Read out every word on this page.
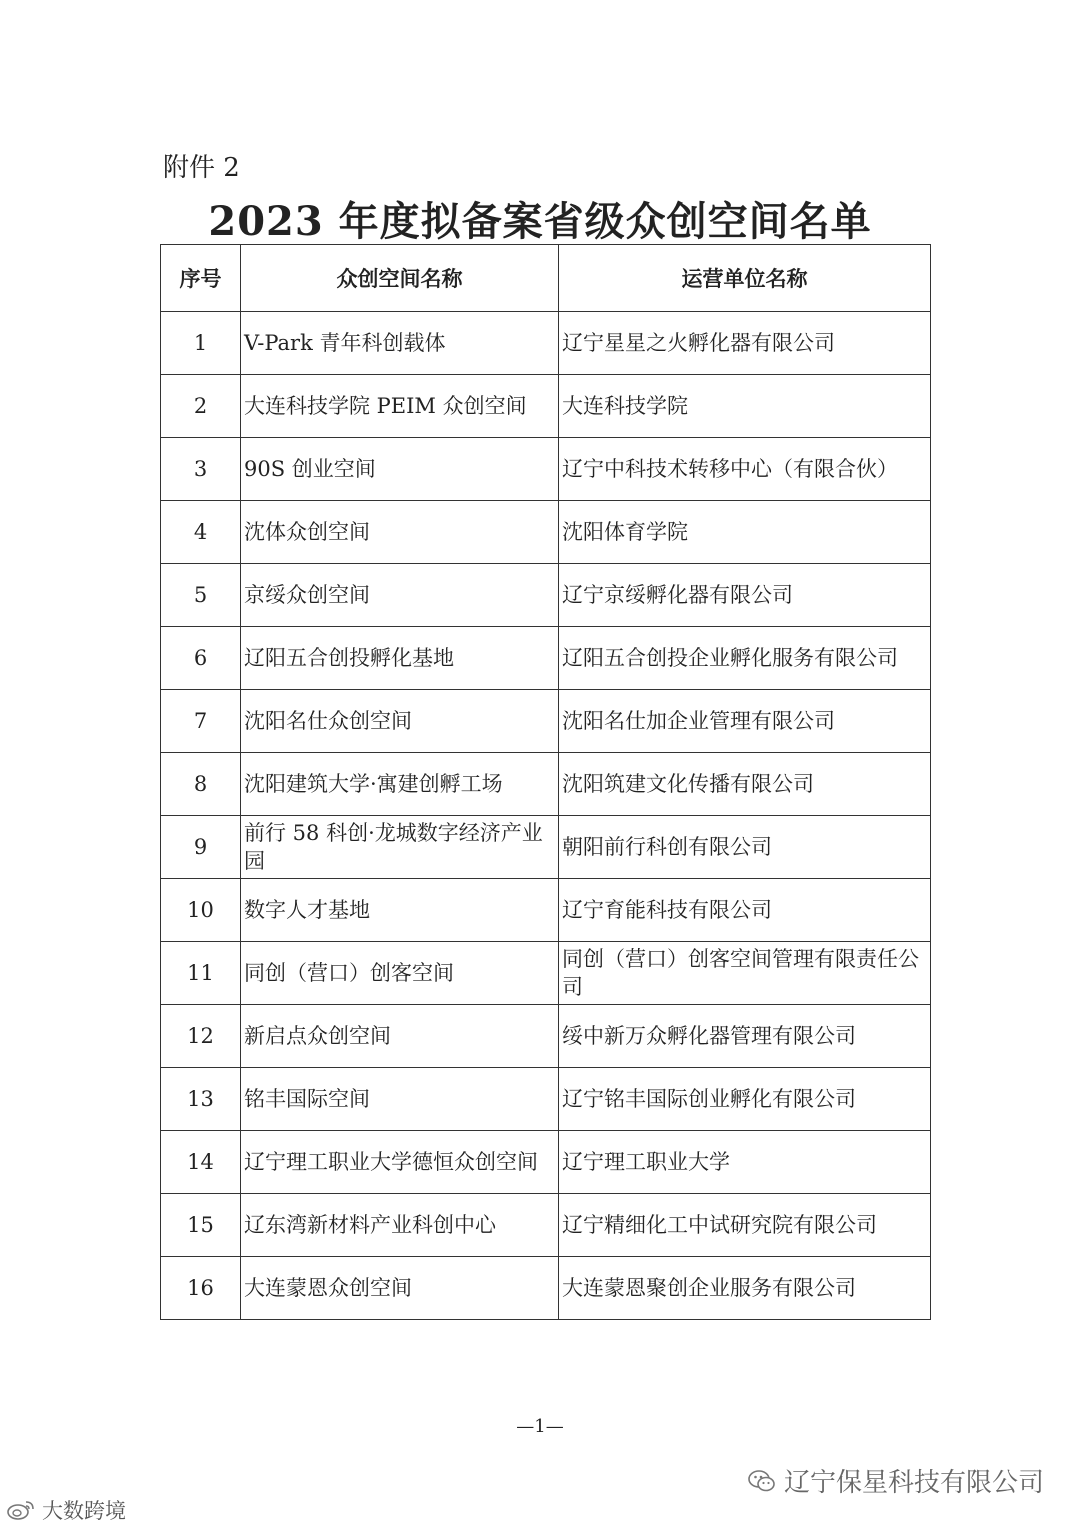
附件 2
2023 年度拟备案省级众创空间名单
序号	众创空间名称	运营单位名称
1	V-Park 青年科创载体	辽宁星星之火孵化器有限公司
2	大连科技学院 PEIM 众创空间	大连科技学院
3	90S 创业空间	辽宁中科技术转移中心（有限合伙）
4	沈体众创空间	沈阳体育学院
5	京绥众创空间	辽宁京绥孵化器有限公司
6	辽阳五合创投孵化基地	辽阳五合创投企业孵化服务有限公司
7	沈阳名仕众创空间	沈阳名仕加企业管理有限公司
8	沈阳建筑大学·寓建创孵工场	沈阳筑建文化传播有限公司
9	前行 58 科创·龙城数字经济产业园	朝阳前行科创有限公司
10	数字人才基地	辽宁育能科技有限公司
11	同创（营口）创客空间	同创（营口）创客空间管理有限责任公司
12	新启点众创空间	绥中新万众孵化器管理有限公司
13	铭丰国际空间	辽宁铭丰国际创业孵化有限公司
14	辽宁理工职业大学德恒众创空间	辽宁理工职业大学
15	辽东湾新材料产业科创中心	辽宁精细化工中试研究院有限公司
16	大连蒙恩众创空间	大连蒙恩聚创企业服务有限公司
—1—
辽宁保星科技有限公司
大数跨境
